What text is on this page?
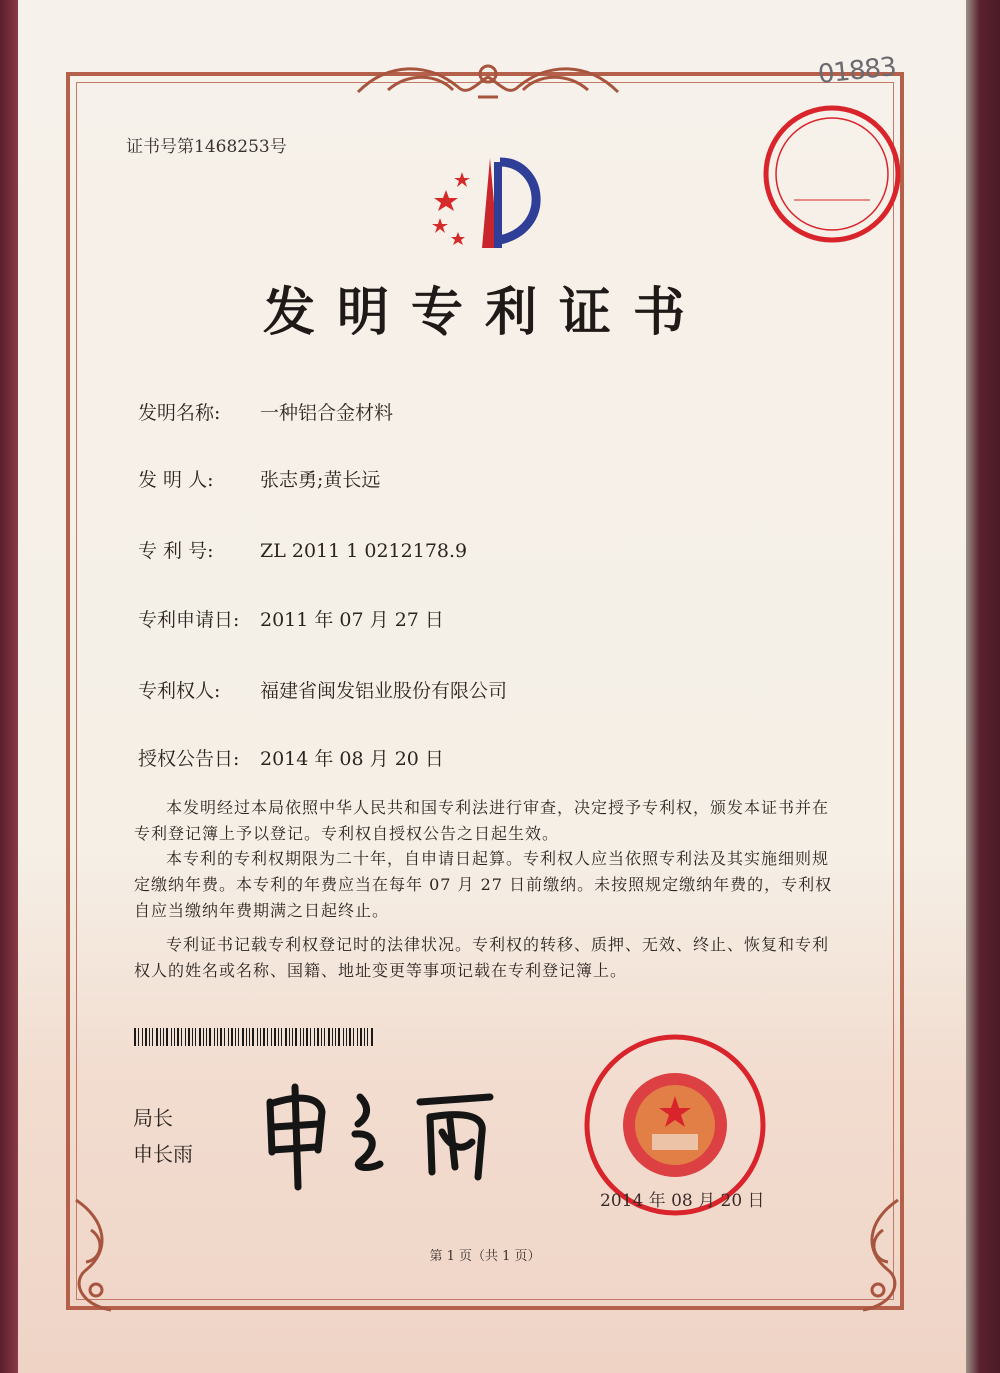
01883
证书号第1468253号
发明专利证书
发明名称: 一种铝合金材料
发 明 人: 张志勇;黄长远
专 利 号: ZL 2011 1 0212178.9
专利申请日: 2011 年 07 月 27 日
专利权人: 福建省闽发铝业股份有限公司
授权公告日: 2014 年 08 月 20 日
本发明经过本局依照中华人民共和国专利法进行审查，决定授予专利权，颁发本证书并在专利登记簿上予以登记。专利权自授权公告之日起生效。
本专利的专利权期限为二十年，自申请日起算。专利权人应当依照专利法及其实施细则规定缴纳年费。本专利的年费应当在每年 07 月 27 日前缴纳。未按照规定缴纳年费的，专利权自应当缴纳年费期满之日起终止。
专利证书记载专利权登记时的法律状况。专利权的转移、质押、无效、终止、恢复和专利权人的姓名或名称、国籍、地址变更等事项记载在专利登记簿上。
局长
申长雨
2014 年 08 月 20 日
第 1 页（共 1 页）
